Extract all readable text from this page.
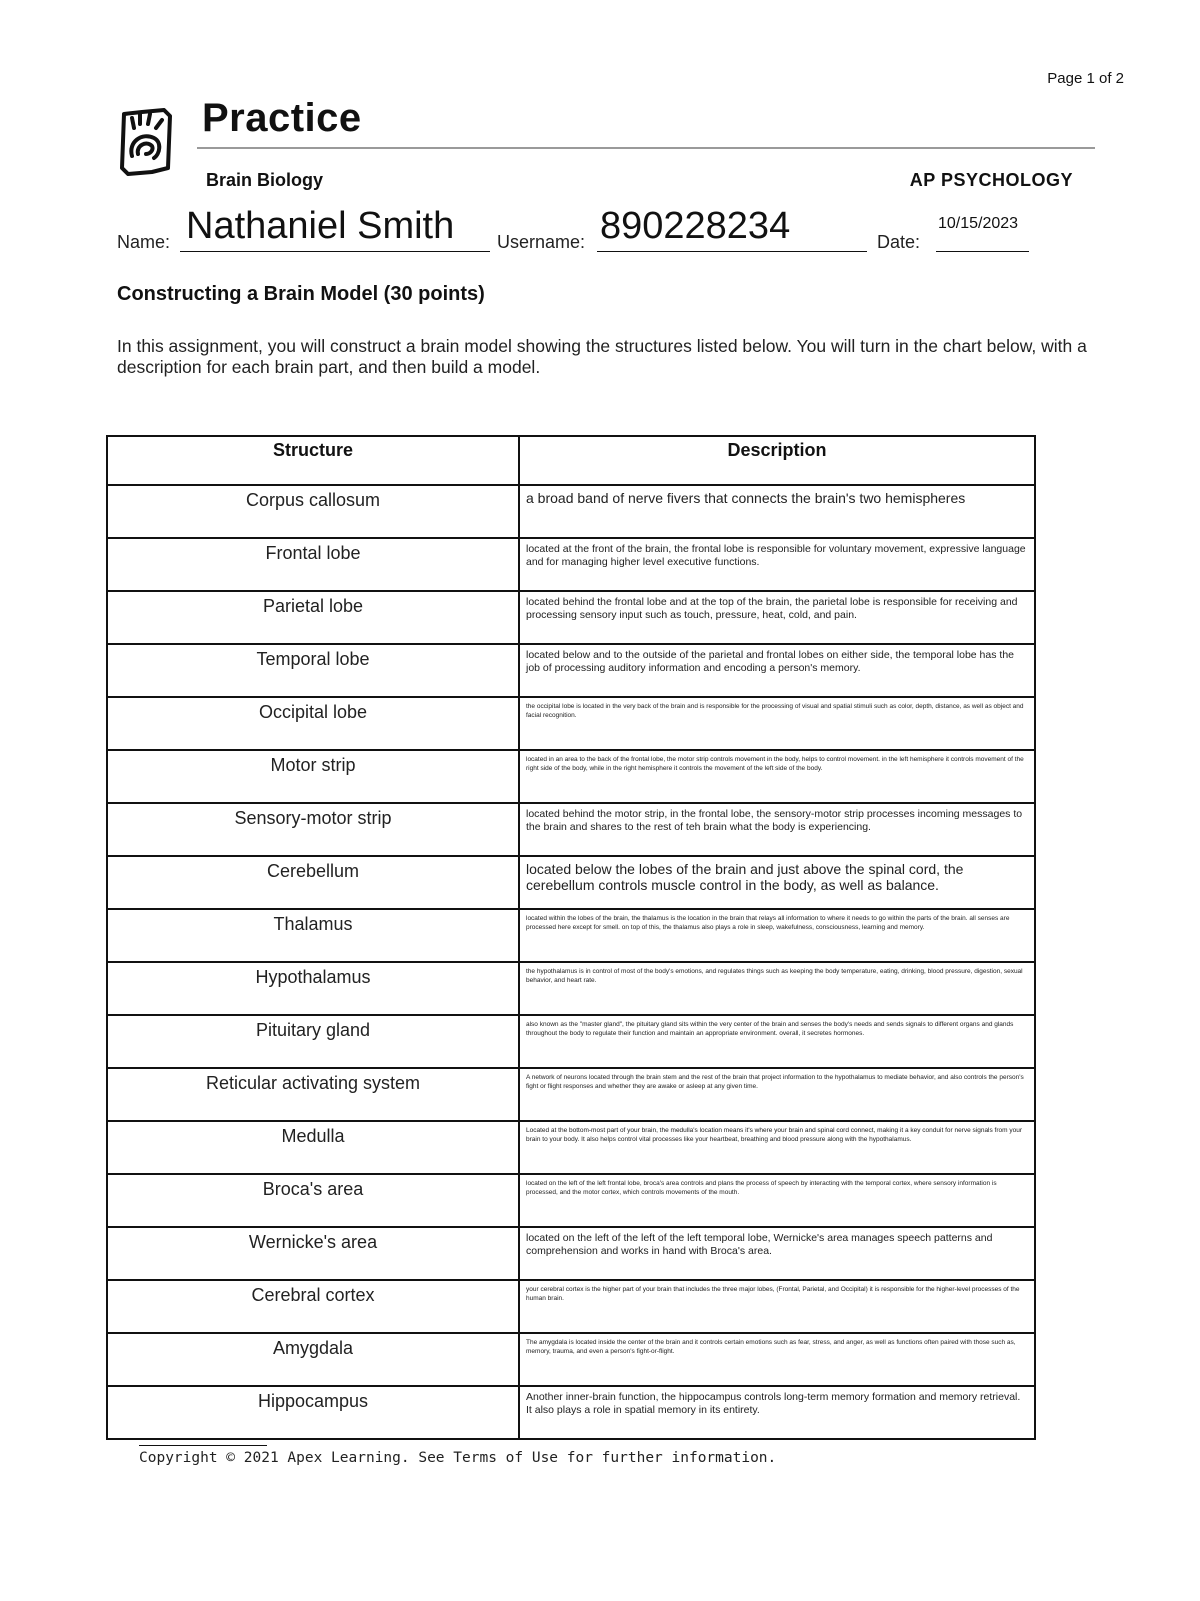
Page 1 of 2
Practice
Brain Biology	AP PSYCHOLOGY
Name: Nathaniel Smith Username: 890228234	Date:
10/15/2023
Constructing a Brain Model (30 points)
In this assignment, you will construct a brain model showing the structures listed below. You will turn in the chart below, with a description for each brain part, and then build a model.
Structure	Description
Corpus callosum	a broad band of nerve fivers that connects the brain's two hemispheres
Frontal lobe	located at the front of the brain, the frontal lobe is responsible for voluntary movement, expressive language and for managing higher level executive functions.
Parietal lobe	located behind the frontal lobe and at the top of the brain, the parietal lobe is responsible for receiving and processing sensory input such as touch, pressure, heat, cold, and pain.
Temporal lobe	located below and to the outside of the parietal and frontal lobes on either side, the temporal lobe has the job of processing auditory information and encoding a person's memory.
Occipital lobe	the occipital lobe is located in the very back of the brain and is responsible for the processing of visual and spatial stimuli such as color, depth, distance, as well as object and facial recognition.
Motor strip	located in an area to the back of the frontal lobe, the motor strip controls movement in the body, helps to control movement. in the left hemisphere it controls movement of the right side of the body, while in the right hemisphere it controls the movement of the left side of the body.
Sensory-motor strip	located behind the motor strip, in the frontal lobe, the sensory-motor strip processes incoming messages to the brain and shares to the rest of teh brain what the body is experiencing.
Cerebellum	located below the lobes of the brain and just above the spinal cord, the cerebellum controls muscle control in the body, as well as balance.
Thalamus	located within the lobes of the brain, the thalamus is the location in the brain that relays all information to where it needs to go within the parts of the brain. all senses are processed here except for smell. on top of this, the thalamus also plays a role in sleep, wakefulness, consciousness, learning and memory.
Hypothalamus	the hypothalamus is in control of most of the body's emotions, and regulates things such as keeping the body temperature, eating, drinking, blood pressure, digestion, sexual behavior, and heart rate.
Pituitary gland	also known as the "master gland", the pituitary gland sits within the very center of the brain and senses the body's needs and sends signals to different organs and glands throughout the body to regulate their function and maintain an appropriate environment. overall, it secretes hormones.
Reticular activating system	A network of neurons located through the brain stem and the rest of the brain that project information to the hypothalamus to mediate behavior, and also controls the person's fight or flight responses and whether they are awake or asleep at any given time.
Medulla	Located at the bottom-most part of your brain, the medulla's location means it's where your brain and spinal cord connect, making it a key conduit for nerve signals from your brain to your body. It also helps control vital processes like your heartbeat, breathing and blood pressure along with the hypothalamus.
Broca's area	located on the left of the left frontal lobe, broca's area controls and plans the process of speech by interacting with the temporal cortex, where sensory information is processed, and the motor cortex, which controls movements of the mouth.
Wernicke's area	located on the left of the left of the left temporal lobe, Wernicke's area manages speech patterns and comprehension and works in hand with Broca's area.
Cerebral cortex	your cerebral cortex is the higher part of your brain that includes the three major lobes, (Frontal, Parietal, and Occipital) it is responsible for the higher-level processes of the human brain.
Amygdala	The amygdala is located inside the center of the brain and it controls certain emotions such as fear, stress, and anger, as well as functions often paired with those such as, memory, trauma, and even a person's fight-or-flight.
Hippocampus	Another inner-brain function, the hippocampus controls long-term memory formation and memory retrieval. It also plays a role in spatial memory in its entirety.
Copyright © 2021 Apex Learning. See Terms of Use for further information.
